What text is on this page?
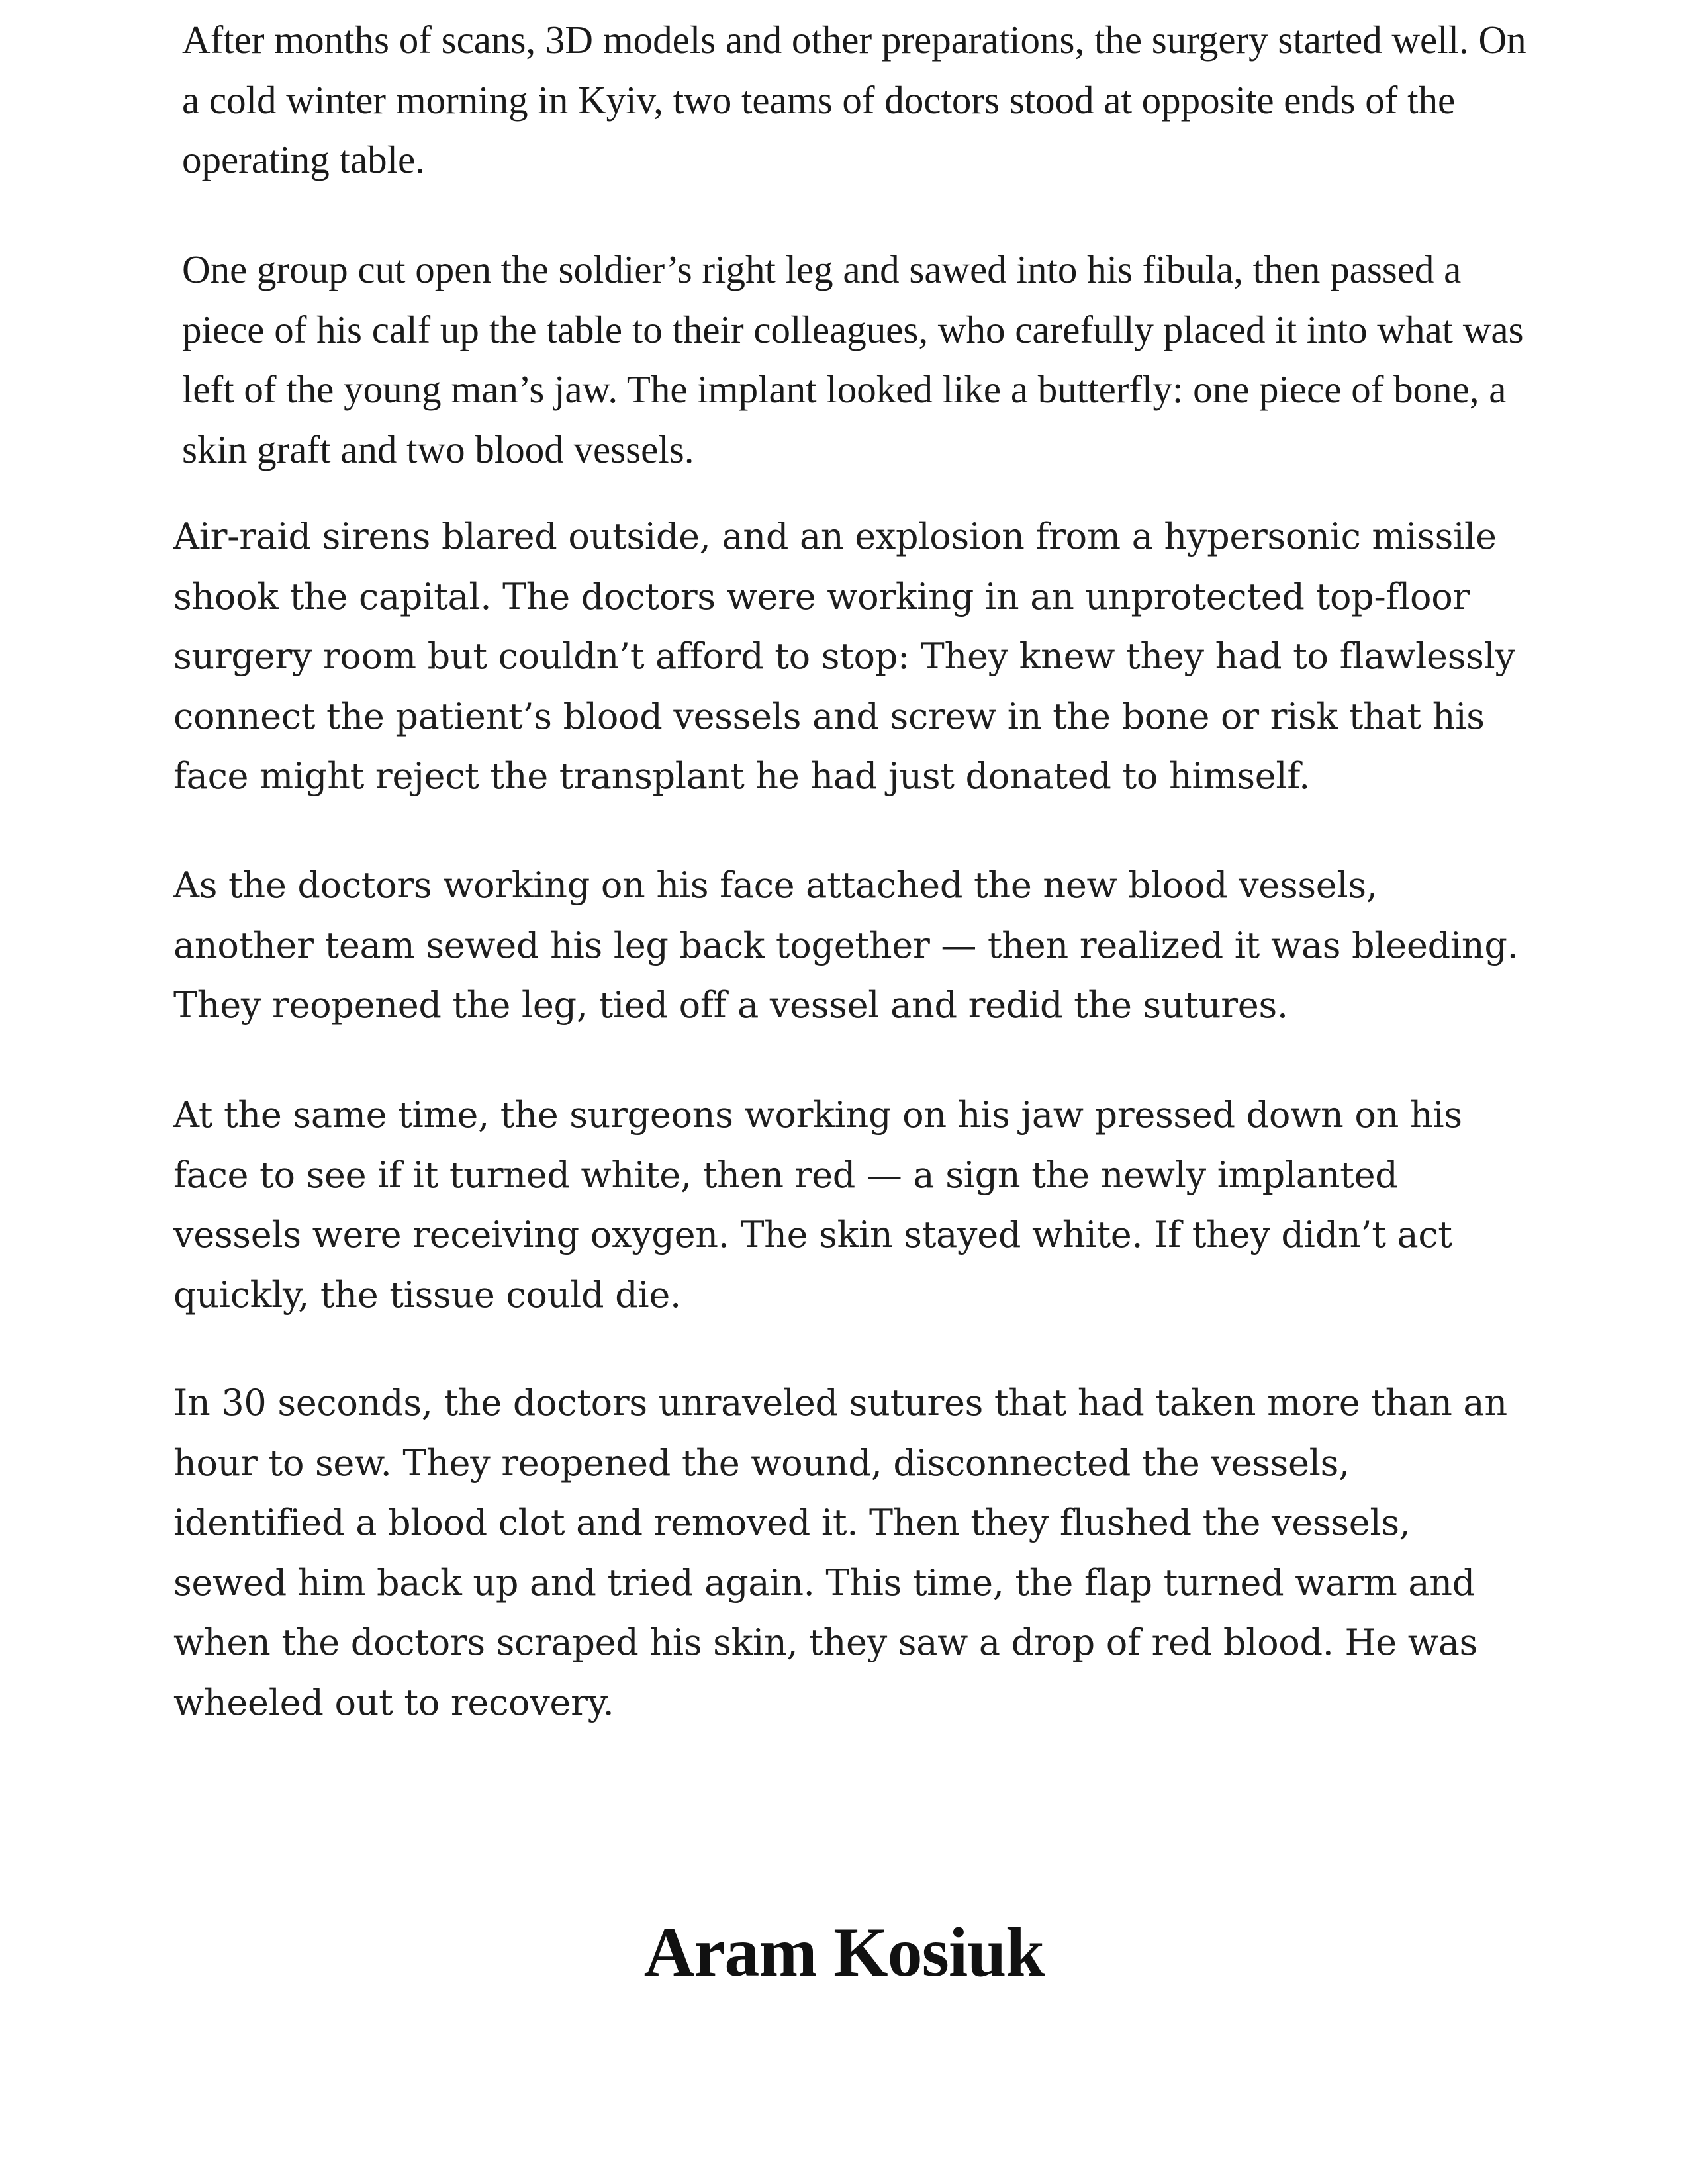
After months of scans, 3D models and other preparations, the surgery started well. On a cold winter morning in Kyiv, two teams of doctors stood at opposite ends of the operating table.

One group cut open the soldier’s right leg and sawed into his fibula, then passed a piece of his calf up the table to their colleagues, who carefully placed it into what was left of the young man’s jaw. The implant looked like a butterfly: one piece of bone, a skin graft and two blood vessels.

Air-raid sirens blared outside, and an explosion from a hypersonic missile shook the capital. The doctors were working in an unprotected top-floor surgery room but couldn’t afford to stop: They knew they had to flawlessly connect the patient’s blood vessels and screw in the bone or risk that his face might reject the transplant he had just donated to himself.

As the doctors working on his face attached the new blood vessels, another team sewed his leg back together — then realized it was bleeding. They reopened the leg, tied off a vessel and redid the sutures.

At the same time, the surgeons working on his jaw pressed down on his face to see if it turned white, then red — a sign the newly implanted vessels were receiving oxygen. The skin stayed white. If they didn’t act quickly, the tissue could die.

In 30 seconds, the doctors unraveled sutures that had taken more than an hour to sew. They reopened the wound, disconnected the vessels, identified a blood clot and removed it. Then they flushed the vessels, sewed him back up and tried again. This time, the flap turned warm and when the doctors scraped his skin, they saw a drop of red blood. He was wheeled out to recovery.

Aram Kosiuk
